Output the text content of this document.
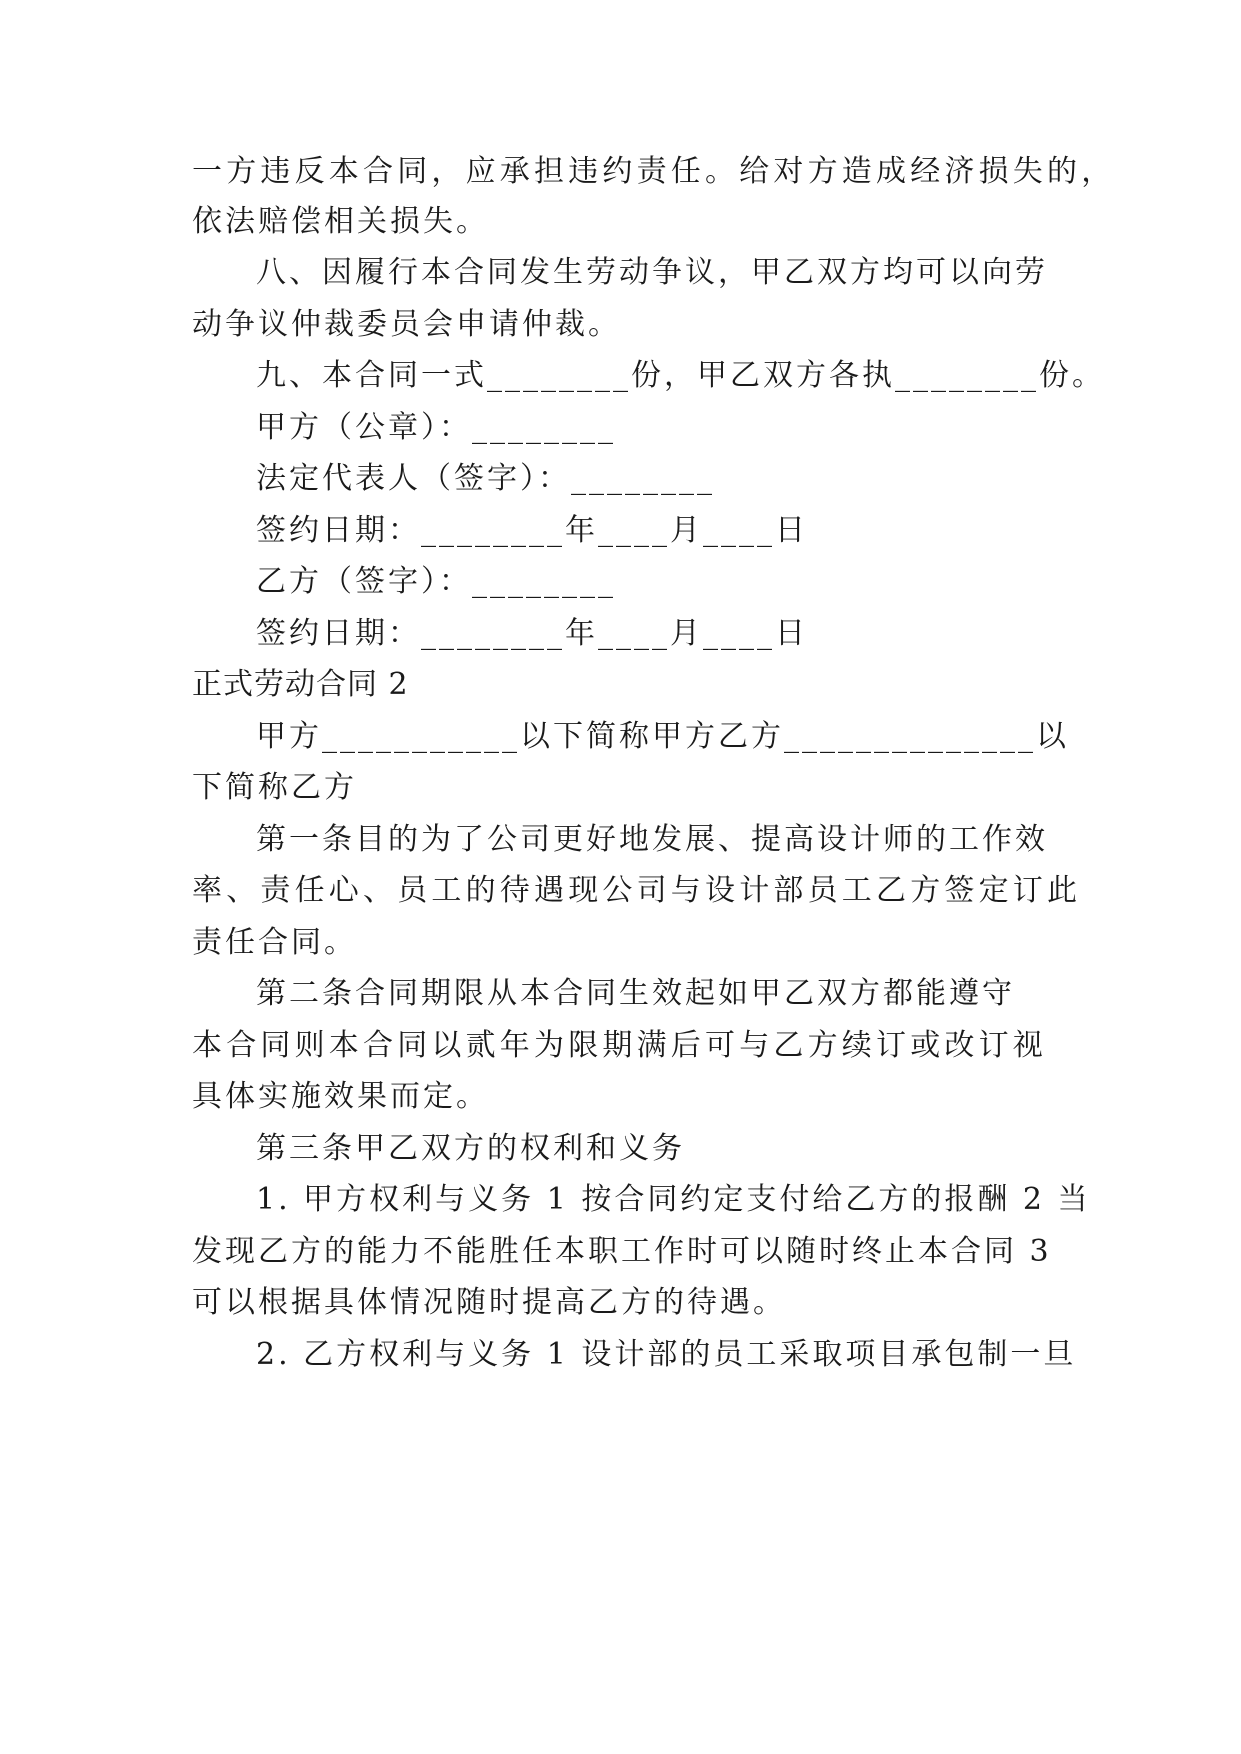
一方违反本合同，应承担违约责任。给对方造成经济损失的，
依法赔偿相关损失。
八、因履行本合同发生劳动争议，甲乙双方均可以向劳
动争议仲裁委员会申请仲裁。
九、本合同一式________份，甲乙双方各执________份。
甲方（公章）：________
法定代表人（签字）：________
签约日期：________年____月____日
乙方（签字）：________
签约日期：________年____月____日
正式劳动合同 2
甲方___________以下简称甲方乙方______________以
下简称乙方
第一条目的为了公司更好地发展、提高设计师的工作效
率、责任心、员工的待遇现公司与设计部员工乙方签定订此
责任合同。
第二条合同期限从本合同生效起如甲乙双方都能遵守
本合同则本合同以贰年为限期满后可与乙方续订或改订视
具体实施效果而定。
第三条甲乙双方的权利和义务
1. 甲方权利与义务 1 按合同约定支付给乙方的报酬 2 当
发现乙方的能力不能胜任本职工作时可以随时终止本合同 3
可以根据具体情况随时提高乙方的待遇。
2. 乙方权利与义务 1 设计部的员工采取项目承包制一旦
